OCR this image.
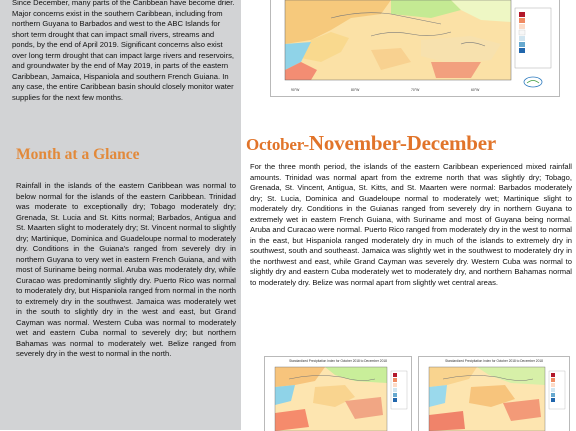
Since December, many parts of the Caribbean have become drier. Major concerns exist in the southern Caribbean, including from northern Guyana to Barbados and west to the ABC Islands for short term drought that can impact small rivers, streams and ponds, by the end of April 2019. Significant concerns also exist over long term drought that can impact large rivers and reservoirs, and groundwater by the end of May 2019, in parts of the eastern Caribbean, Jamaica, Hispaniola and southern French Guiana. In any case, the entire Caribbean basin should closely monitor water supplies for the next few months.

Month at a Glance

Rainfall in the islands of the eastern Caribbean was normal to below normal for the islands of the eastern Caribbean. Trinidad was moderate to exceptionally dry; Tobago moderately dry; Grenada, St. Lucia and St. Kitts normal; Barbados, Antigua and St. Maarten slight to moderately dry; St. Vincent normal to slightly dry; Martinique, Dominica and Guadeloupe normal to moderately dry. Conditions in the Guiana's ranged from severely dry in northern Guyana to very wet in eastern French Guiana, and with most of Suriname being normal. Aruba was moderately dry, while Curacao was predominantly slightly dry. Puerto Rico was normal to moderately dry, but Hispaniola ranged from normal in the north to extremely dry in the southwest. Jamaica was moderately wet in the south to slightly dry in the west and east, but Grand Cayman was normal. Western Cuba was normal to moderately wet and eastern Cuba normal to severely dry; but northern Bahamas was normal to moderately wet. Belize ranged from severely dry in the west to normal in the north.

90°W	80°W	70°W	60°W
October-November-December

For the three month period, the islands of the eastern Caribbean experienced mixed rainfall amounts. Trinidad was normal apart from the extreme north that was slightly dry; Tobago, Grenada, St. Vincent, Antigua, St. Kitts, and St. Maarten were normal: Barbados moderately dry; St. Lucia, Dominica and Guadeloupe normal to moderately wet; Martinique slight to moderately dry. Conditions in the Guianas ranged from severely dry in northern Guyana to extremely wet in eastern French Guiana, with Suriname and most of Guyana being normal. Aruba and Curacao were normal. Puerto Rico ranged from moderately dry in the west to normal in the east, but Hispaniola ranged moderately dry in much of the islands to extremely dry in southwest, south and southeast. Jamaica was slightly wet in the southwest to moderately dry in the northwest and east, while Grand Cayman was severely dry. Western Cuba was normal to slightly dry and eastern Cuba moderately wet to moderately dry, and northern Bahamas normal to moderately dry. Belize was normal apart from slightly wet central areas.

Standardized Precipitation Index for October 2018 to December 2018	Standardized Precipitation Index for October 2018 to December 2018
